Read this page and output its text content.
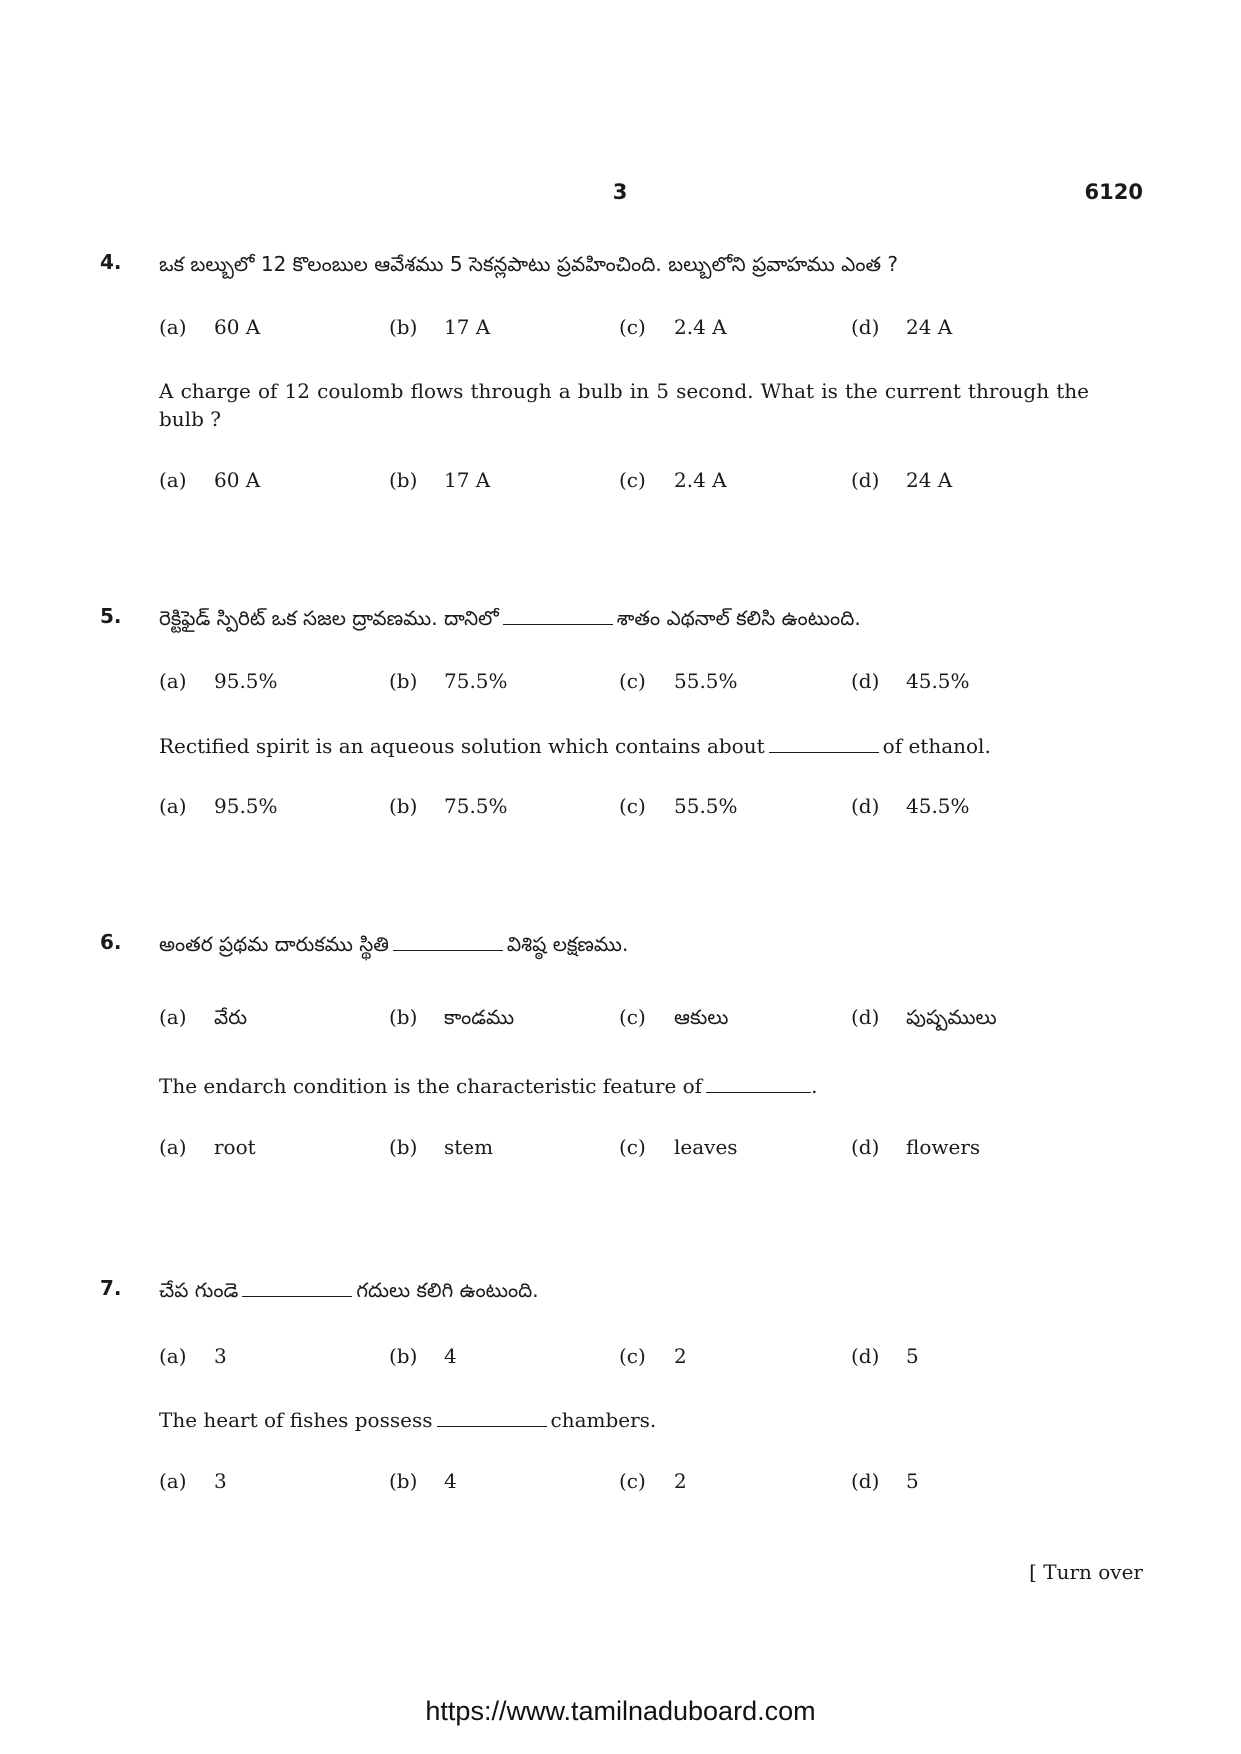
3	6120
4. ఒక బల్బులో 12 కొలంబుల ఆవేశము 5 సెకన్లపాటు ప్రవహించింది. బల్బులోని ప్రవాహము ఎంత ?
(a) 60 A	(b) 17 A	(c) 2.4 A	(d) 24 A
A charge of 12 coulomb flows through a bulb in 5 second. What is the current through the bulb ?
(a) 60 A	(b) 17 A	(c) 2.4 A	(d) 24 A
5. రెక్టిఫైడ్ స్పిరిట్ ఒక సజల ద్రావణము. దానిలో	శాతం ఎథనాల్ కలిసి ఉంటుంది.
(a) 95.5%	(b) 75.5%	(c) 55.5%	(d) 45.5%
Rectified spirit is an aqueous solution which contains about	of ethanol.
(a) 95.5%	(b) 75.5%	(c) 55.5%	(d) 45.5%
6. అంతర ప్రథమ దారుకము స్థితి	విశిష్ఠ లక్షణము.
(a) వేరు	(b) కాండము	(c) ఆకులు	(d) పుష్పములు
The endarch condition is the characteristic feature of	.
(a) root	(b) stem	(c) leaves	(d) flowers
7. చేప గుండె	గదులు కలిగి ఉంటుంది.
(a) 3	(b) 4	(c) 2	(d) 5
The heart of fishes possess	chambers.
(a) 3	(b) 4	(c) 2	(d) 5
[ Turn over
https://www.tamilnaduboard.com
